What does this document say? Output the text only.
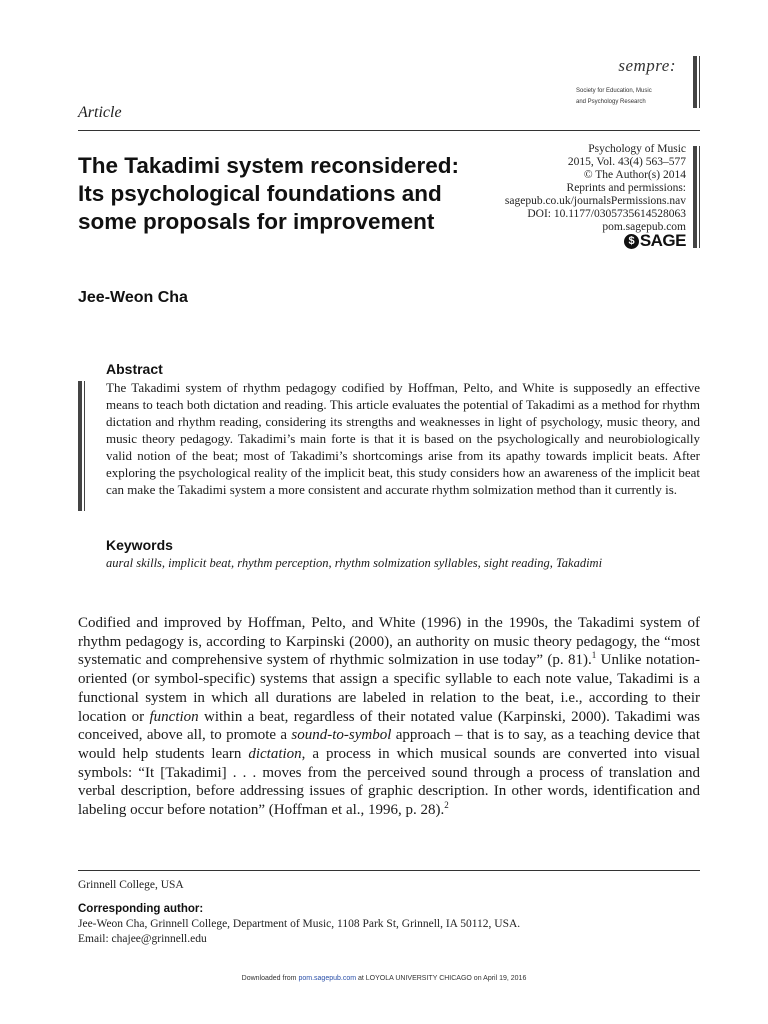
sempre:
Society for Education, Music
and Psychology Research
Article
Psychology of Music
2015, Vol. 43(4) 563–577
© The Author(s) 2014
Reprints and permissions:
sagepub.co.uk/journalsPermissions.nav
DOI: 10.1177/0305735614528063
pom.sagepub.com
$ SAGE
The Takadimi system reconsidered:
Its psychological foundations and
some proposals for improvement
Jee-Weon Cha
Abstract
The Takadimi system of rhythm pedagogy codified by Hoffman, Pelto, and White is supposedly an effective means to teach both dictation and reading. This article evaluates the potential of Takadimi as a method for rhythm dictation and rhythm reading, considering its strengths and weaknesses in light of psychology, music theory, and music theory pedagogy. Takadimi’s main forte is that it is based on the psychologically and neurobiologically valid notion of the beat; most of Takadimi’s shortcomings arise from its apathy towards implicit beats. After exploring the psychological reality of the implicit beat, this study considers how an awareness of the implicit beat can make the Takadimi system a more consistent and accurate rhythm solmization method than it currently is.
Keywords
aural skills, implicit beat, rhythm perception, rhythm solmization syllables, sight reading, Takadimi
Codified and improved by Hoffman, Pelto, and White (1996) in the 1990s, the Takadimi system of rhythm pedagogy is, according to Karpinski (2000), an authority on music theory pedagogy, the “most systematic and comprehensive system of rhythmic solmization in use today” (p. 81).$^1$ Unlike notation-oriented (or symbol-specific) systems that assign a specific syllable to each note value, Takadimi is a functional system in which all durations are labeled in relation to the beat, i.e., according to their location or function within a beat, regardless of their notated value (Karpinski, 2000). Takadimi was conceived, above all, to promote a sound-to-symbol approach – that is to say, as a teaching device that would help students learn dictation, a process in which musical sounds are converted into visual symbols: “It [Takadimi] . . . moves from the perceived sound through a process of translation and verbal description, before addressing issues of graphic description. In other words, identification and labeling occur before notation” (Hoffman et al., 1996, p. 28).$^2$
Grinnell College, USA
Corresponding author:
Jee-Weon Cha, Grinnell College, Department of Music, 1108 Park St, Grinnell, IA 50112, USA.
Email: chajee@grinnell.edu
Downloaded from pom.sagepub.com at LOYOLA UNIVERSITY CHICAGO on April 19, 2016
